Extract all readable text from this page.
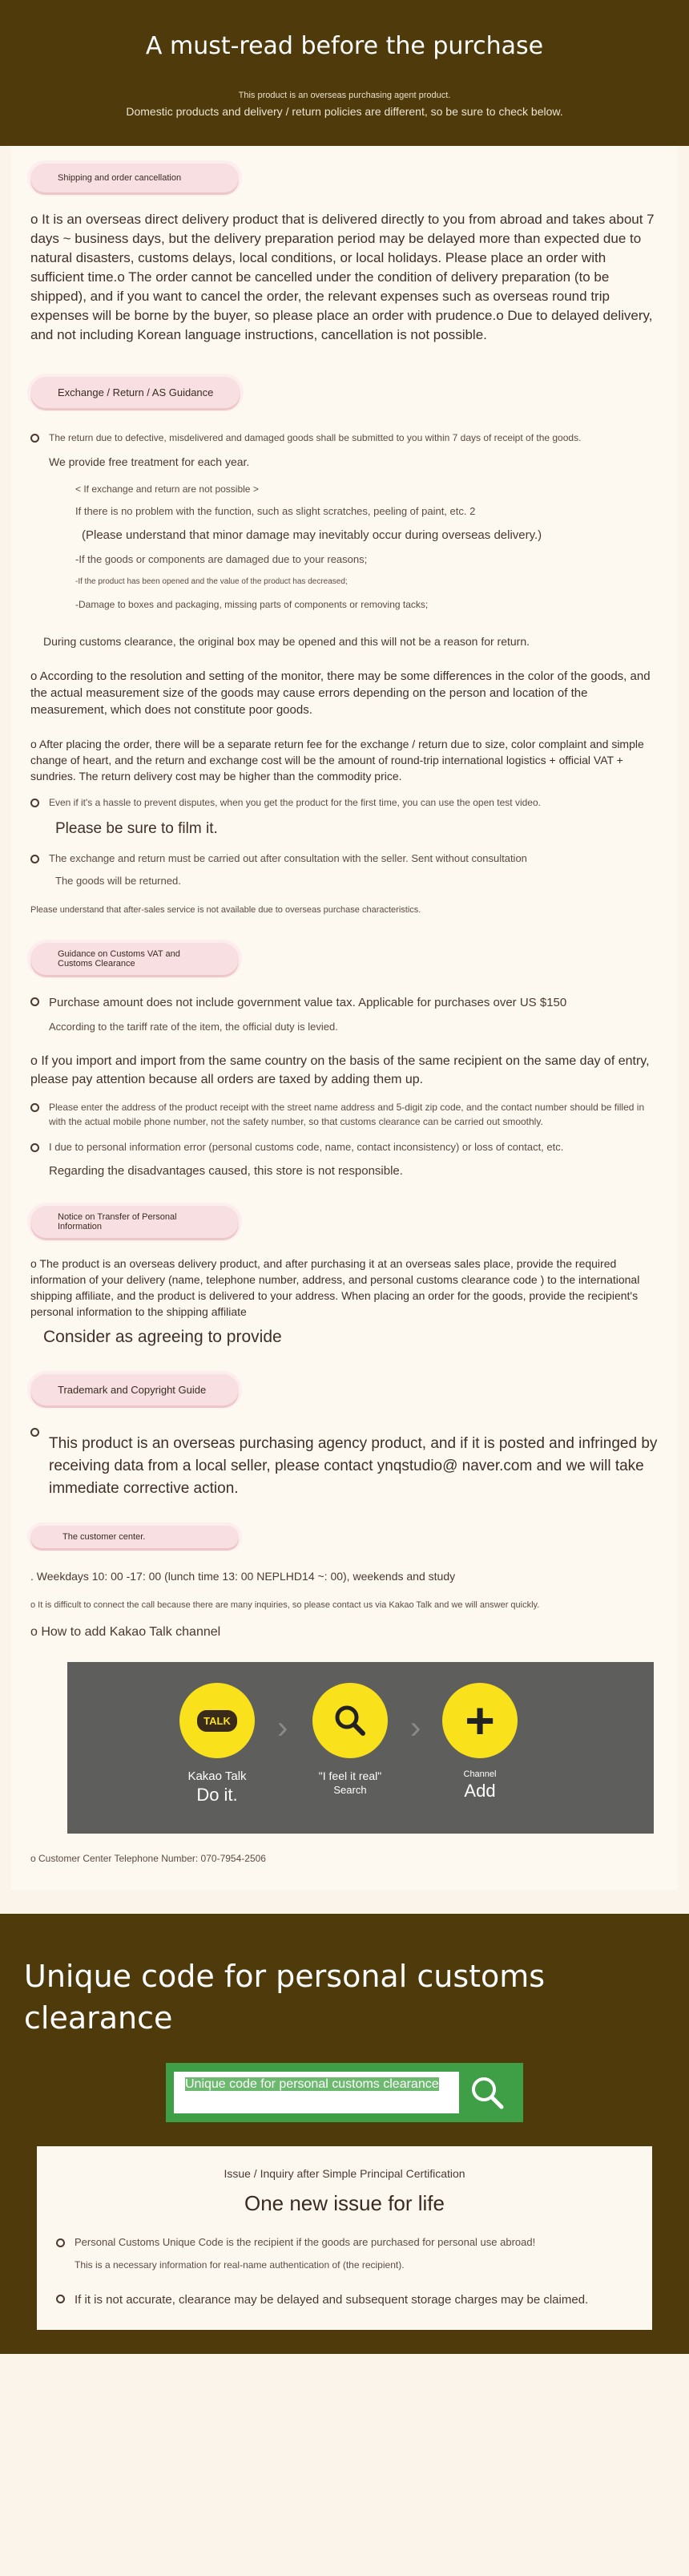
A must-read before the purchase
This product is an overseas purchasing agent product.
Domestic products and delivery / return policies are different, so be sure to check below.
Shipping and order cancellation

o It is an overseas direct delivery product that is delivered directly to you from abroad and takes about 7 days ~ business days, but the delivery preparation period may be delayed more than expected due to natural disasters, customs delays, local conditions, or local holidays. Please place an order with sufficient time.o The order cannot be cancelled under the condition of delivery preparation (to be shipped), and if you want to cancel the order, the relevant expenses such as overseas round trip expenses will be borne by the buyer, so please place an order with prudence.o Due to delayed delivery, and not including Korean language instructions, cancellation is not possible.

Exchange / Return / AS Guidance
The return due to defective, misdelivered and damaged goods shall be submitted to you within 7 days of receipt of the goods.
We provide free treatment for each year.
< If exchange and return are not possible >
If there is no problem with the function, such as slight scratches, peeling of paint, etc. 2
(Please understand that minor damage may inevitably occur during overseas delivery.)
-If the goods or components are damaged due to your reasons;
-If the product has been opened and the value of the product has decreased;
-Damage to boxes and packaging, missing parts of components or removing tacks;
During customs clearance, the original box may be opened and this will not be a reason for return.

o According to the resolution and setting of the monitor, there may be some differences in the color of the goods, and the actual measurement size of the goods may cause errors depending on the person and location of the measurement, which does not constitute poor goods.

o After placing the order, there will be a separate return fee for the exchange / return due to size, color complaint and simple change of heart, and the return and exchange cost will be the amount of round-trip international logistics + official VAT + sundries. The return delivery cost may be higher than the commodity price.

Even if it's a hassle to prevent disputes, when you get the product for the first time, you can use the open test video.
Please be sure to film it.
The exchange and return must be carried out after consultation with the seller. Sent without consultation
The goods will be returned.
Please understand that after-sales service is not available due to overseas purchase characteristics.
Guidance on Customs VAT and Customs Clearance
Purchase amount does not include government value tax. Applicable for purchases over US $150
According to the tariff rate of the item, the official duty is levied.

o If you import and import from the same country on the basis of the same recipient on the same day of entry, please pay attention because all orders are taxed by adding them up.

Please enter the address of the product receipt with the street name address and 5-digit zip code, and the contact number should be filled in with the actual mobile phone number, not the safety number, so that customs clearance can be carried out smoothly.
I due to personal information error (personal customs code, name, contact inconsistency) or loss of contact, etc.
Regarding the disadvantages caused, this store is not responsible.
Notice on Transfer of Personal Information

o The product is an overseas delivery product, and after purchasing it at an overseas sales place, provide the required information of your delivery (name, telephone number, address, and personal customs clearance code ) to the international shipping affiliate, and the product is delivered to your address. When placing an order for the goods, provide the recipient's personal information to the shipping affiliate

Consider as agreeing to provide
Trademark and Copyright Guide
This product is an overseas purchasing agency product, and if it is posted and infringed by receiving data from a local seller, please contact ynqstudio@ naver.com and we will take immediate corrective action.
The customer center.
. Weekdays 10: 00 -17: 00 (lunch time 13: 00 NEPLHD14 ~: 00), weekends and study
o It is difficult to connect the call because there are many inquiries, so please contact us via Kakao Talk and we will answer quickly.
o How to add Kakao Talk channel
TALK
Kakao Talk
Do it.
›
"I feel it real"
Search
› +
Channel
Add
o Customer Center Telephone Number: 070-7954-2506
Unique code for personal customs clearance
Unique code for personal customs clearance
Issue / Inquiry after Simple Principal Certification
One new issue for life
Personal Customs Unique Code is the recipient if the goods are purchased for personal use abroad!
This is a necessary information for real-name authentication of (the recipient).
If it is not accurate, clearance may be delayed and subsequent storage charges may be claimed.
